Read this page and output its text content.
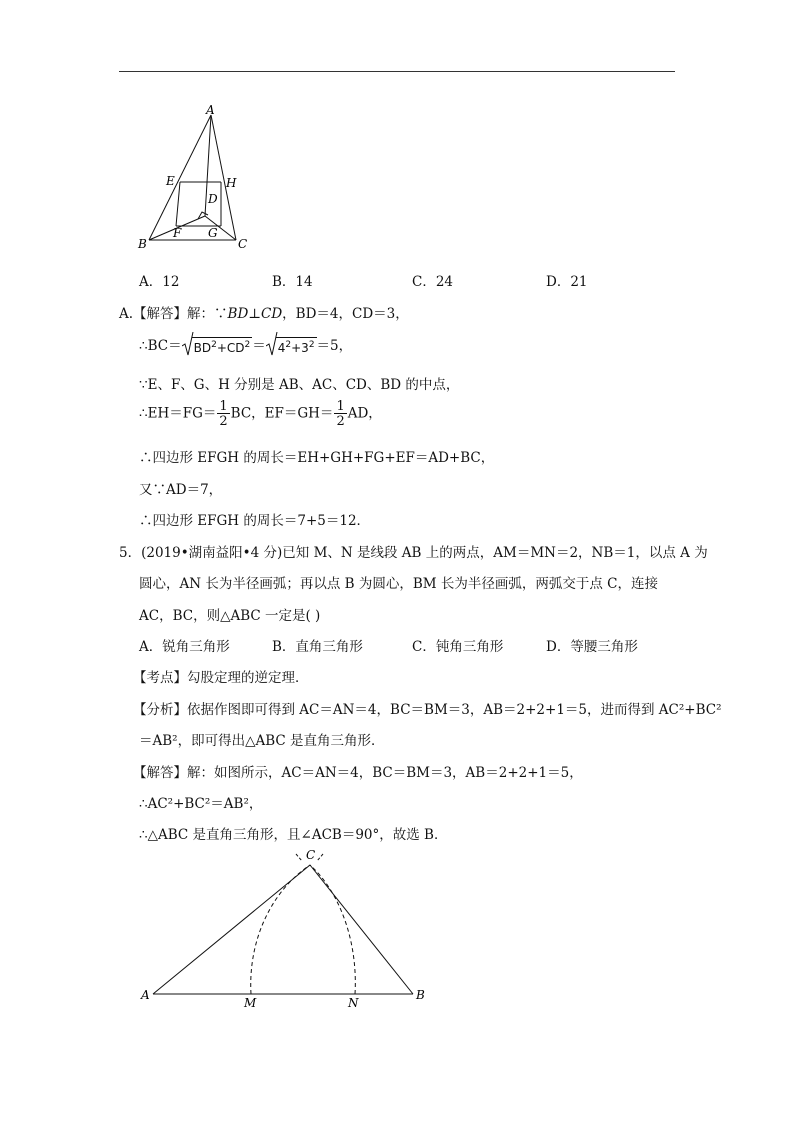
A
E	H
D
F G
B	C
A．12	B．14	C．24	D．21
A.【解答】解：∵BD⊥CD，BD＝4，CD＝3，
∴BC＝ $BD^2+CD^2 = 4^2+3^2 =5$，
∵E、F、G、H 分别是 AB、AC、CD、BD 的中点，
∴EH＝FG＝ $\frac{1}{2}$ BC，$EF=GH= \frac{1}{2}$ AD，
∴四边形 EFGH 的周长＝EH+GH+FG+EF＝AD+BC，
又∵AD＝7，
∴四边形 EFGH 的周长＝7+5＝12．
5．(2019•湖南益阳•4 分)已知 M、N 是线段 AB 上的两点，AM＝MN＝2，NB＝1，以点 A 为
圆心，AN 长为半径画弧；再以点 B 为圆心，BM 长为半径画弧，两弧交于点 C，连接
AC，BC，则△ABC 一定是( )
A．锐角三角形	B．直角三角形	C．钝角三角形	D．等腰三角形
【考点】勾股定理的逆定理．
【分析】依据作图即可得到 AC＝AN＝4，BC＝BM＝3，AB＝2+2+1＝5，进而得到 AC²+BC²
＝AB²，即可得出△ABC 是直角三角形．
【解答】解：如图所示，AC＝AN＝4，BC＝BM＝3，AB＝2+2+1＝5，
∴AC²+BC²＝AB²，
∴△ABC 是直角三角形，且∠ACB＝90°，故选 B．
C
A	B
M	N
